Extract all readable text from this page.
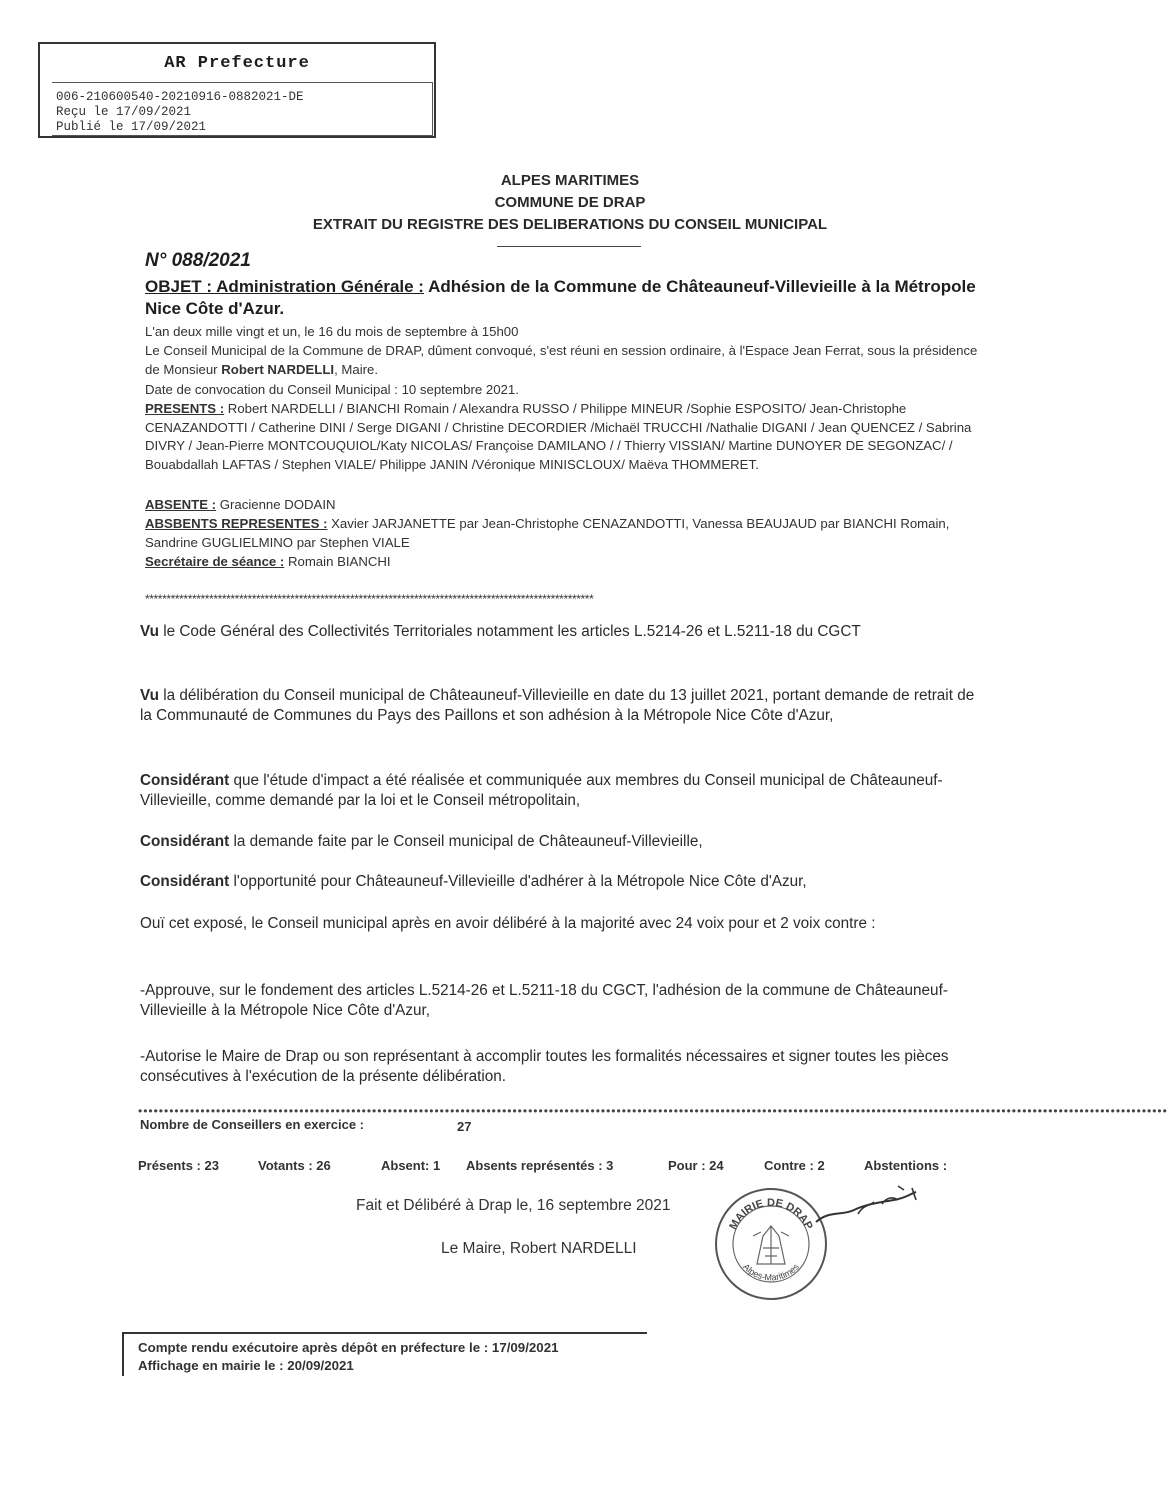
AR Prefecture
006-210600540-20210916-0882021-DE
Reçu le 17/09/2021
Publié le 17/09/2021
ALPES MARITIMES
COMMUNE DE DRAP
EXTRAIT DU REGISTRE DES DELIBERATIONS DU CONSEIL MUNICIPAL
N° 088/2021
OBJET : Administration Générale : Adhésion de la Commune de Châteauneuf-Villevieille à la Métropole Nice Côte d'Azur.
L'an deux mille vingt et un, le 16 du mois de septembre à 15h00
Le Conseil Municipal de la Commune de DRAP, dûment convoqué, s'est réuni en session ordinaire, à l'Espace Jean Ferrat, sous la présidence de Monsieur Robert NARDELLI, Maire.
Date de convocation du Conseil Municipal : 10 septembre 2021.
PRESENTS : Robert NARDELLI / BIANCHI Romain / Alexandra RUSSO / Philippe MINEUR /Sophie ESPOSITO/ Jean-Christophe CENAZANDOTTI / Catherine DINI / Serge DIGANI / Christine DECORDIER /Michaël TRUCCHI /Nathalie DIGANI / Jean QUENCEZ / Sabrina DIVRY / Jean-Pierre MONTCOUQUIOL/Katy NICOLAS/ Françoise DAMILANO / / Thierry VISSIAN/ Martine DUNOYER DE SEGONZAC/ / Bouabdallah LAFTAS / Stephen VIALE/ Philippe JANIN /Véronique MINISCLOUX/ Maëva THOMMERET.
ABSENTE : Gracienne DODAIN
ABSBENTS REPRESENTES : Xavier JARJANETTE par Jean-Christophe CENAZANDOTTI, Vanessa BEAUJAUD par BIANCHI Romain, Sandrine GUGLIELMINO par Stephen VIALE
Secrétaire de séance : Romain BIANCHI
*********************************************************************************************************
Vu le Code Général des Collectivités Territoriales notamment les articles L.5214-26 et L.5211-18 du CGCT
Vu la délibération du Conseil municipal de Châteauneuf-Villevieille en date du 13 juillet 2021, portant demande de retrait de la Communauté de Communes du Pays des Paillons et son adhésion à la Métropole Nice Côte d'Azur,
Considérant que l'étude d'impact a été réalisée et communiquée aux membres du Conseil municipal de Châteauneuf-Villevieille, comme demandé par la loi et le Conseil métropolitain,
Considérant la demande faite par le Conseil municipal de Châteauneuf-Villevieille,
Considérant l'opportunité pour Châteauneuf-Villevieille d'adhérer à la Métropole Nice Côte d'Azur,
Ouï cet exposé, le Conseil municipal après en avoir délibéré à la majorité avec 24 voix pour et 2 voix contre :
-Approuve, sur le fondement des articles L.5214-26 et L.5211-18 du CGCT, l'adhésion de la commune de Châteauneuf-Villevieille à la Métropole Nice Côte d'Azur,
-Autorise le Maire de Drap ou son représentant à accomplir toutes les formalités nécessaires et signer toutes les pièces consécutives à l'exécution de la présente délibération.
••••••••••••••••••••••••••••••••••••••••••••••••••••••••••••••••••••••••••••••••••••••••••••••••••••••••••••••••••••••••••••••••••••••••••••••••••••••••••••••••••••••••••••••••••••••••••••••••••••••
Nombre de Conseillers en exercice :	27
Présents : 23	Votants : 26	Absent: 1 Absents représentés : 3	Pour : 24	Contre : 2	Abstentions :
Fait et Délibéré à Drap le, 16 septembre 2021
Le Maire, Robert NARDELLI
MAIRIE DE DRAP
Alpes-Maritimes
Compte rendu exécutoire après dépôt en préfecture le : 17/09/2021
Affichage en mairie le : 20/09/2021
